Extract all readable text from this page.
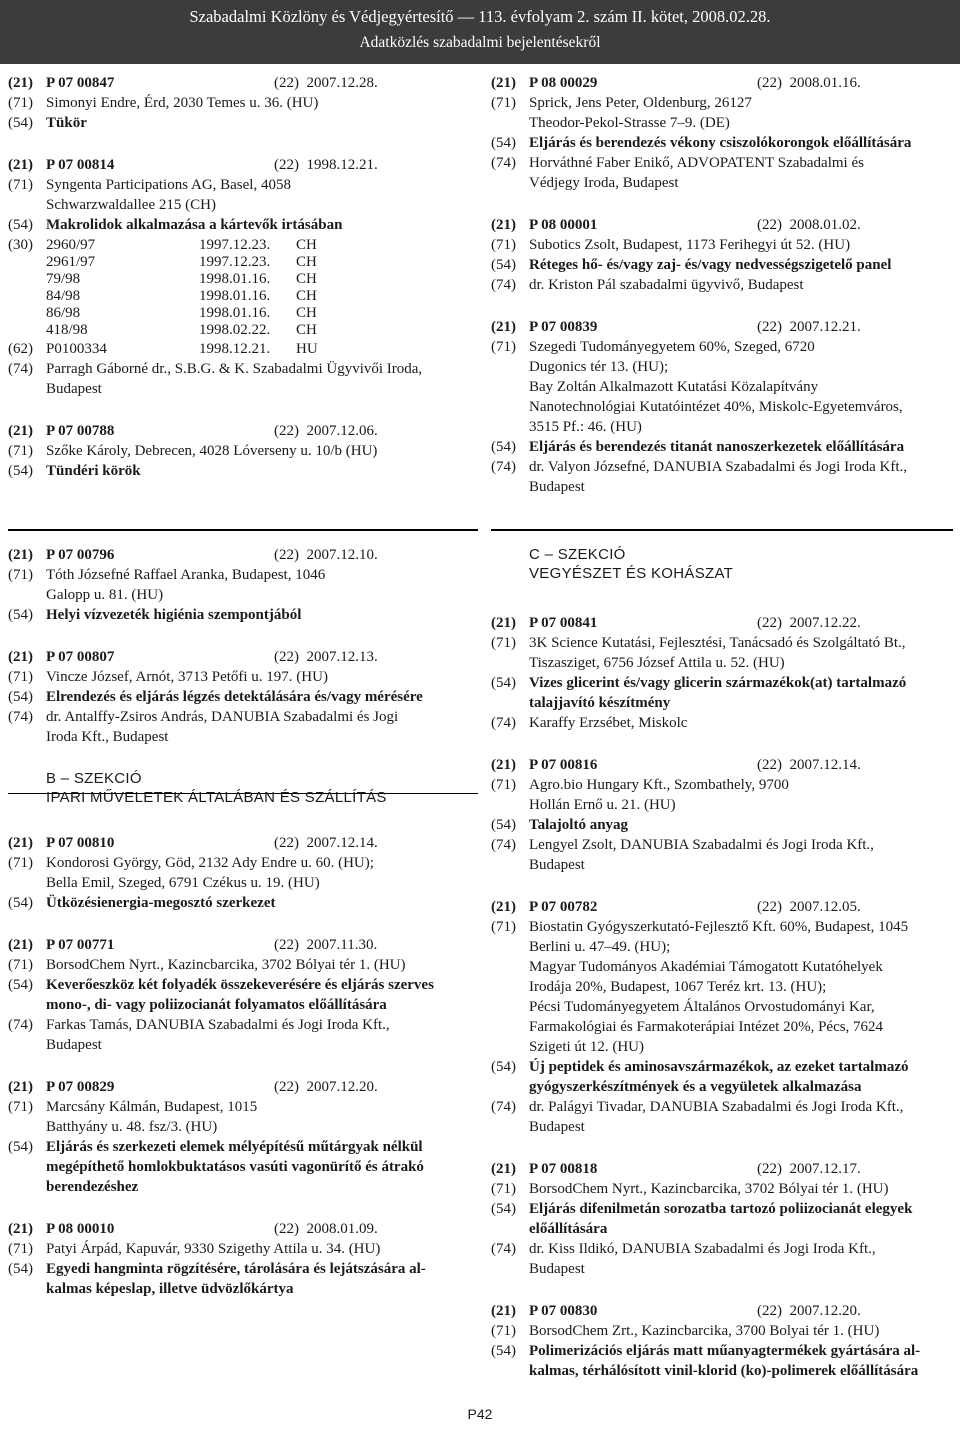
Szabadalmi Közlöny és Védjegyértesítő — 113. évfolyam 2. szám II. kötet, 2008.02.28.
Adatközlés szabadalmi bejelentésekről
(21) P 07 00847	(22) 2007.12.28.
(71) Simonyi Endre, Érd, 2030 Temes u. 36. (HU)
(54) Tükör
(21) P 07 00814	(22) 1998.12.21.
(71) Syngenta Participations AG, Basel, 4058
Schwarzwaldallee 215 (CH)
(54) Makrolidok alkalmazása a kártevők irtásában
(30) 2960/97	1997.12.23.	CH
2961/97	1997.12.23.	CH
79/98	1998.01.16.	CH
84/98	1998.01.16.	CH
86/98	1998.01.16.	CH
418/98	1998.02.22.	CH
(62) P0100334	1998.12.21.	HU
(74) Parragh Gáborné dr., S.B.G. & K. Szabadalmi Ügyvivői Iroda,
Budapest
(21) P 07 00788	(22) 2007.12.06.
(71) Szőke Károly, Debrecen, 4028 Lóverseny u. 10/b (HU)
(54) Tündéri körök
(21) P 08 00029	(22) 2008.01.16.
(71) Sprick, Jens Peter, Oldenburg, 26127
Theodor-Pekol-Strasse 7–9. (DE)
(54) Eljárás és berendezés vékony csiszolókorongok előállítására
(74) Horváthné Faber Enikő, ADVOPATENT Szabadalmi és
Védjegy Iroda, Budapest
(21) P 08 00001	(22) 2008.01.02.
(71) Subotics Zsolt, Budapest, 1173 Ferihegyi út 52. (HU)
(54) Réteges hő- és/vagy zaj- és/vagy nedvességszigetelő panel
(74) dr. Kriston Pál szabadalmi ügyvivő, Budapest
(21) P 07 00839	(22) 2007.12.21.
(71) Szegedi Tudományegyetem 60%, Szeged, 6720
Dugonics tér 13. (HU);
Bay Zoltán Alkalmazott Kutatási Közalapítvány
Nanotechnológiai Kutatóintézet 40%, Miskolc-Egyetemváros,
3515 Pf.: 46. (HU)
(54) Eljárás és berendezés titanát nanoszerkezetek előállítására
(74) dr. Valyon Józsefné, DANUBIA Szabadalmi és Jogi Iroda Kft.,
Budapest
(21) P 07 00796	(22) 2007.12.10.
(71) Tóth Józsefné Raffael Aranka, Budapest, 1046
Galopp u. 81. (HU)
(54) Helyi vízvezeték higiénia szempontjából
(21) P 07 00807	(22) 2007.12.13.
(71) Vincze József, Arnót, 3713 Petőfi u. 197. (HU)
(54) Elrendezés és eljárás légzés detektálására és/vagy mérésére
(74) dr. Antalffy-Zsiros András, DANUBIA Szabadalmi és Jogi
Iroda Kft., Budapest
B – SZEKCIÓ
IPARI MŰVELETEK ÁLTALÁBAN ÉS SZÁLLÍTÁS
(21) P 07 00810	(22) 2007.12.14.
(71) Kondorosi György, Göd, 2132 Ady Endre u. 60. (HU);
Bella Emil, Szeged, 6791 Czékus u. 19. (HU)
(54) Ütközésienergia-megosztó szerkezet
(21) P 07 00771	(22) 2007.11.30.
(71) BorsodChem Nyrt., Kazincbarcika, 3702 Bólyai tér 1. (HU)
(54) Keverőeszköz két folyadék összekeverésére és eljárás szerves
mono-, di- vagy poliizocianát folyamatos előállítására
(74) Farkas Tamás, DANUBIA Szabadalmi és Jogi Iroda Kft.,
Budapest
(21) P 07 00829	(22) 2007.12.20.
(71) Marcsány Kálmán, Budapest, 1015
Batthyány u. 48. fsz/3. (HU)
(54) Eljárás és szerkezeti elemek mélyépítésű műtárgyak nélkül
megépíthető homlokbuktatásos vasúti vagonürítő és átrakó
berendezéshez
(21) P 08 00010	(22) 2008.01.09.
(71) Patyi Árpád, Kapuvár, 9330 Szigethy Attila u. 34. (HU)
(54) Egyedi hangminta rögzítésére, tárolására és lejátszására al-
kalmas képeslap, illetve üdvözlőkártya
C – SZEKCIÓ
VEGYÉSZET ÉS KOHÁSZAT
(21) P 07 00841	(22) 2007.12.22.
(71) 3K Science Kutatási, Fejlesztési, Tanácsadó és Szolgáltató Bt.,
Tiszasziget, 6756 József Attila u. 52. (HU)
(54) Vizes glicerint és/vagy glicerin származékok(at) tartalmazó
talajjavító készítmény
(74) Karaffy Erzsébet, Miskolc
(21) P 07 00816	(22) 2007.12.14.
(71) Agro.bio Hungary Kft., Szombathely, 9700
Hollán Ernő u. 21. (HU)
(54) Talajoltó anyag
(74) Lengyel Zsolt, DANUBIA Szabadalmi és Jogi Iroda Kft.,
Budapest
(21) P 07 00782	(22) 2007.12.05.
(71) Biostatin Gyógyszerkutató-Fejlesztő Kft. 60%, Budapest, 1045
Berlini u. 47–49. (HU);
Magyar Tudományos Akadémiai Támogatott Kutatóhelyek
Irodája 20%, Budapest, 1067 Teréz krt. 13. (HU);
Pécsi Tudományegyetem Általános Orvostudományi Kar,
Farmakológiai és Farmakoterápiai Intézet 20%, Pécs, 7624
Szigeti út 12. (HU)
(54) Új peptidek és aminosavszármazékok, az ezeket tartalmazó
gyógyszerkészítmények és a vegyületek alkalmazása
(74) dr. Palágyi Tivadar, DANUBIA Szabadalmi és Jogi Iroda Kft.,
Budapest
(21) P 07 00818	(22) 2007.12.17.
(71) BorsodChem Nyrt., Kazincbarcika, 3702 Bólyai tér 1. (HU)
(54) Eljárás difenilmetán sorozatba tartozó poliizocianát elegyek
előállítására
(74) dr. Kiss Ildikó, DANUBIA Szabadalmi és Jogi Iroda Kft.,
Budapest
(21) P 07 00830	(22) 2007.12.20.
(71) BorsodChem Zrt., Kazincbarcika, 3700 Bolyai tér 1. (HU)
(54) Polimerizációs eljárás matt műanyagtermékek gyártására al-
kalmas, térhálósított vinil-klorid (ko)-polimerek előállítására
P42
